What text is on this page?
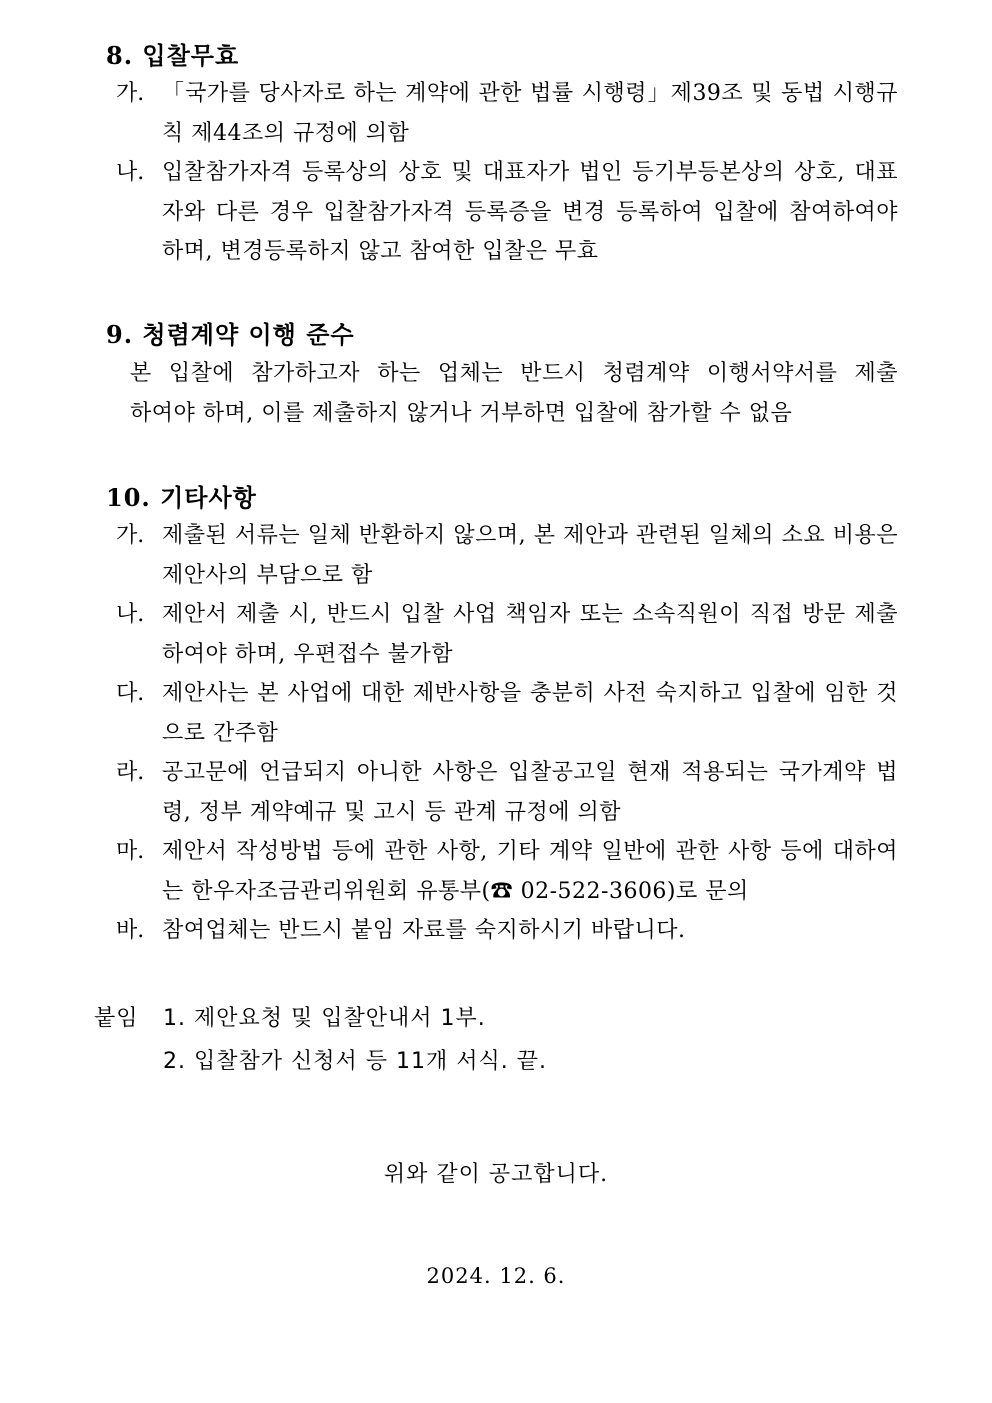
8. 입찰무효
가. 「국가를 당사자로 하는 계약에 관한 법률 시행령」제39조 및 동법 시행규칙 제44조의 규정에 의함
나. 입찰참가자격 등록상의 상호 및 대표자가 법인 등기부등본상의 상호, 대표자와 다른 경우 입찰참가자격 등록증을 변경 등록하여 입찰에 참여하여야 하며, 변경등록하지 않고 참여한 입찰은 무효
9. 청렴계약 이행 준수
본 입찰에 참가하고자 하는 업체는 반드시 청렴계약 이행서약서를 제출
하여야 하며, 이를 제출하지 않거나 거부하면 입찰에 참가할 수 없음
10. 기타사항
가. 제출된 서류는 일체 반환하지 않으며, 본 제안과 관련된 일체의 소요 비용은 제안사의 부담으로 함
나. 제안서 제출 시, 반드시 입찰 사업 책임자 또는 소속직원이 직접 방문 제출하여야 하며, 우편접수 불가함
다. 제안사는 본 사업에 대한 제반사항을 충분히 사전 숙지하고 입찰에 임한 것으로 간주함
라. 공고문에 언급되지 아니한 사항은 입찰공고일 현재 적용되는 국가계약 법령, 정부 계약예규 및 고시 등 관계 규정에 의함
마. 제안서 작성방법 등에 관한 사항, 기타 계약 일반에 관한 사항 등에 대하여는 한우자조금관리위원회 유통부(☎ 02-522-3606)로 문의
바. 참여업체는 반드시 붙임 자료를 숙지하시기 바랍니다.
붙임 1. 제안요청 및 입찰안내서 1부.
2. 입찰참가 신청서 등 11개 서식. 끝.
위와 같이 공고합니다.
2024. 12. 6.
